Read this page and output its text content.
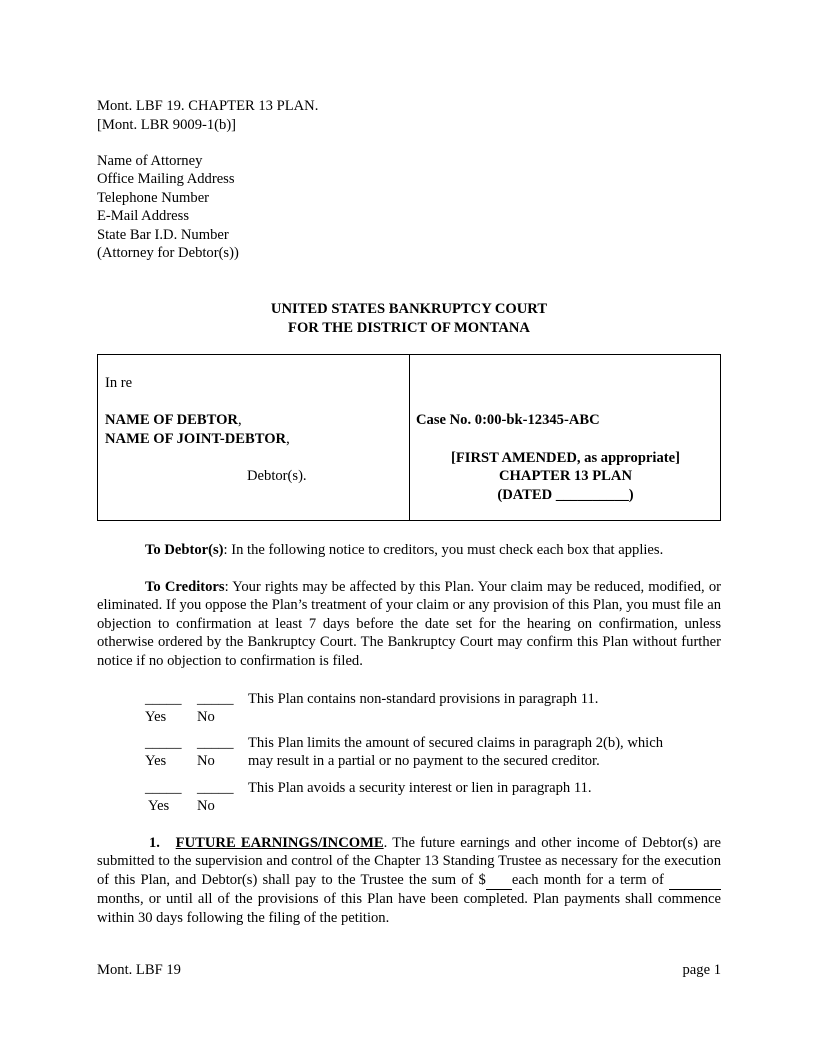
Mont. LBF 19. CHAPTER 13 PLAN.
[Mont. LBR 9009-1(b)]
Name of Attorney
Office Mailing Address
Telephone Number
E-Mail Address
State Bar I.D. Number
(Attorney for Debtor(s))
UNITED STATES BANKRUPTCY COURT
FOR THE DISTRICT OF MONTANA
In re
NAME OF DEBTOR,
NAME OF JOINT-DEBTOR,
Debtor(s).
Case No. 0:00-bk-12345-ABC
[FIRST AMENDED, as appropriate]
CHAPTER 13 PLAN
(DATED __________)
To Debtor(s): In the following notice to creditors, you must check each box that applies.
To Creditors: Your rights may be affected by this Plan. Your claim may be reduced, modified, or eliminated. If you oppose the Plan’s treatment of your claim or any provision of this Plan, you must file an objection to confirmation at least 7 days before the date set for the hearing on confirmation, unless otherwise ordered by the Bankruptcy Court. The Bankruptcy Court may confirm this Plan without further notice if no objection to confirmation is filed.
_____ _____
Yes No
This Plan contains non-standard provisions in paragraph 11.
_____ _____
Yes No
This Plan limits the amount of secured claims in paragraph 2(b), which
may result in a partial or no payment to the secured creditor.
_____ _____
Yes No
This Plan avoids a security interest or lien in paragraph 11.
1. FUTURE EARNINGS/INCOME. The future earnings and other income of Debtor(s) are submitted to the supervision and control of the Chapter 13 Standing Trustee as necessary for the execution of this Plan, and Debtor(s) shall pay to the Trustee the sum of $ each month for a term of   months, or until all of the provisions of this Plan have been completed. Plan payments shall commence within 30 days following the filing of the petition.
Mont. LBF 19	page 1
